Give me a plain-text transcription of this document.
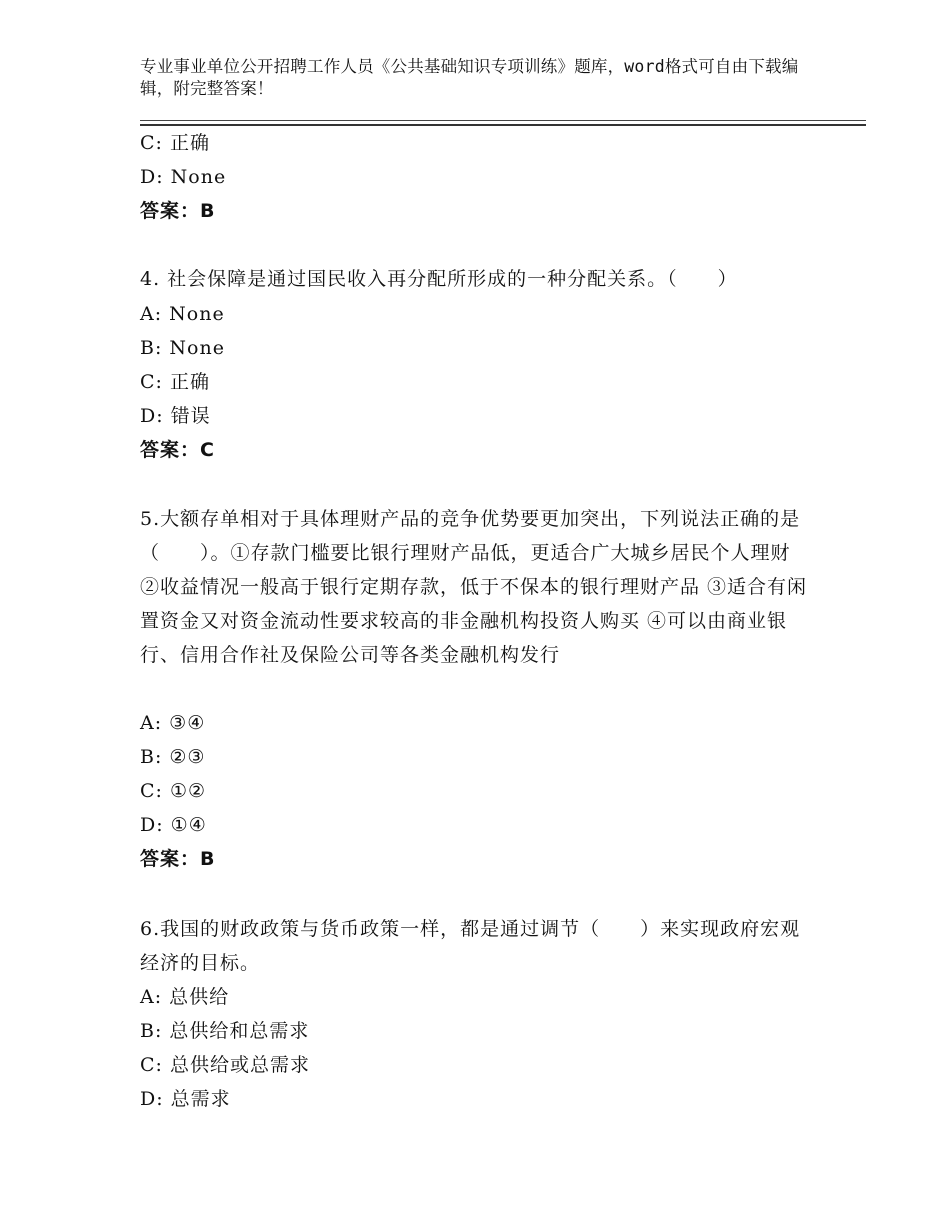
专业事业单位公开招聘工作人员《公共基础知识专项训练》题库，word格式可自由下载编辑，附完整答案！
C: 正确
D: None
答案：B
4. 社会保障是通过国民收入再分配所形成的一种分配关系。（　　）
A: None
B: None
C: 正确
D: 错误
答案：C
5.大额存单相对于具体理财产品的竞争优势要更加突出，下列说法正确的是（　　）。①存款门槛要比银行理财产品低，更适合广大城乡居民个人理财 ②收益情况一般高于银行定期存款，低于不保本的银行理财产品 ③适合有闲置资金又对资金流动性要求较高的非金融机构投资人购买 ④可以由商业银行、信用合作社及保险公司等各类金融机构发行
A: ③④
B: ②③
C: ①②
D: ①④
答案：B
6.我国的财政政策与货币政策一样，都是通过调节（　　）来实现政府宏观经济的目标。
A: 总供给
B: 总供给和总需求
C: 总供给或总需求
D: 总需求
